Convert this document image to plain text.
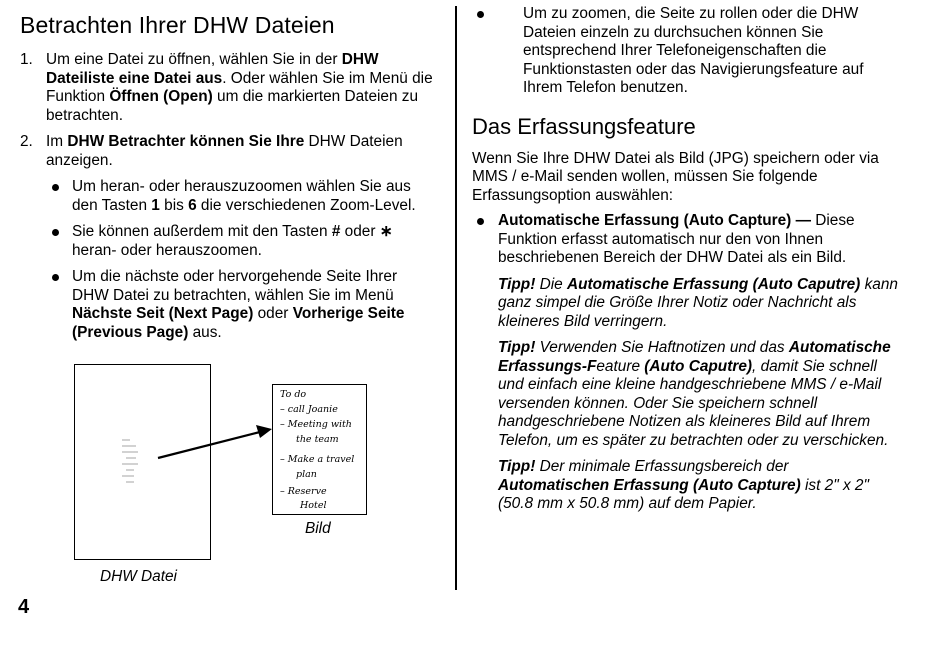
Betrachten Ihrer DHW Dateien
1. Um eine Datei zu öffnen, wählen Sie in der DHW Dateiliste eine Datei aus. Oder wählen Sie im Menü die Funktion Öffnen (Open) um die markierten Dateien zu betrachten.
2. Im DHW Betrachter können Sie Ihre DHW Dateien anzeigen.
Um heran- oder herauszuzoomen wählen Sie aus den Tasten 1 bis 6 die verschiedenen Zoom-Level.
Sie können außerdem mit den Tasten # oder ∗ heran- oder herauszoomen.
Um die nächste oder hervorgehende Seite Ihrer DHW Datei zu betrachten, wählen Sie im Menü Nächste Seit (Next Page) oder Vorherige Seite (Previous Page) aus.
To do
– call Joanie
– Meeting with
the team
– Make a travel
plan
– Reserve
Hotel
Bild
DHW Datei
4
Um zu zoomen, die Seite zu rollen oder die DHW Dateien einzeln zu durchsuchen können Sie entsprechend Ihrer Telefoneigenschaften die Funktionstasten oder das Navigierungsfeature auf Ihrem Telefon benutzen.
Das Erfassungsfeature

Wenn Sie Ihre DHW Datei als Bild (JPG) speichern oder via MMS / e-Mail senden wollen, müssen Sie folgende Erfassungsoption auswählen:

Automatische Erfassung (Auto Capture) — Diese Funktion erfasst automatisch nur den von Ihnen beschriebenen Bereich der DHW Datei als ein Bild.

Tipp! Die Automatische Erfassung (Auto Caputre) kann ganz simpel die Größe Ihrer Notiz oder Nachricht als kleineres Bild verringern.

Tipp! Verwenden Sie Haftnotizen und das Automatische Erfassungs-Feature (Auto Caputre), damit Sie schnell und einfach eine kleine handgeschriebene MMS / e-Mail versenden können. Oder Sie speichern schnell handgeschriebene Notizen als kleineres Bild auf Ihrem Telefon, um es später zu betrachten oder zu verschicken.

Tipp! Der minimale Erfassungsbereich der Automatischen Erfassung (Auto Capture) ist 2" x 2" (50.8 mm x 50.8 mm) auf dem Papier.
